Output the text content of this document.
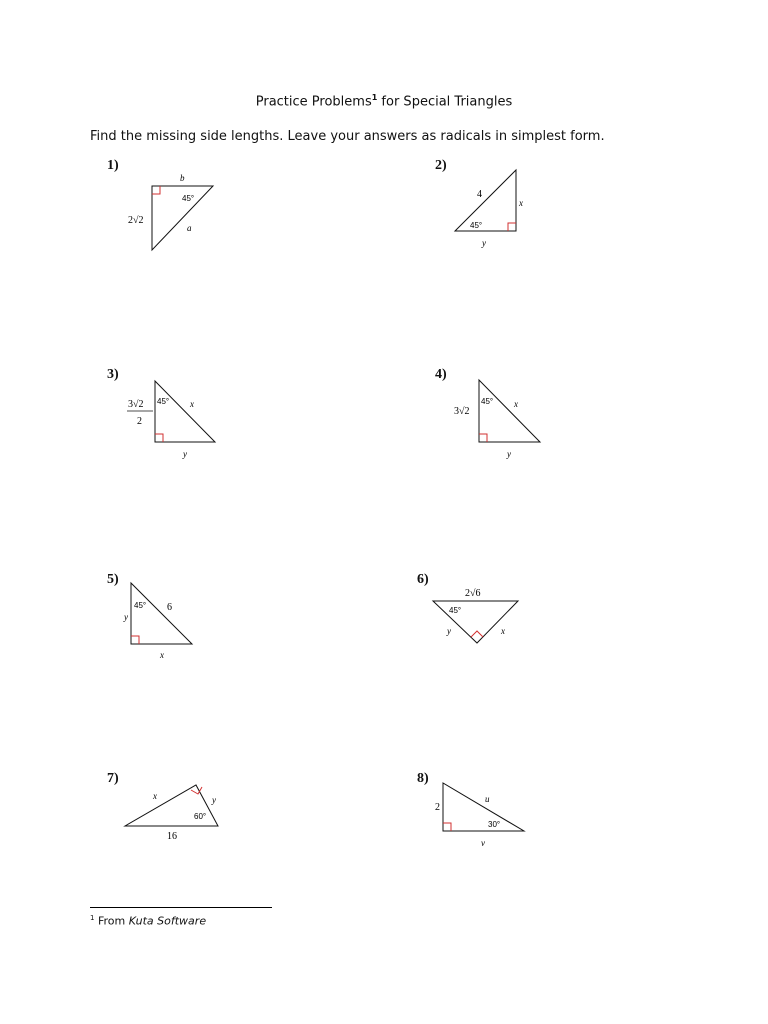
Practice Problems$^1$ for Special Triangles
Find the missing side lengths. Leave your answers as radicals in simplest form.
1)	2)
3)	4)
5)	6)
7)	8)
b
45°
2√2
a
4
45°
x
y
3√2
2
45° x
y
45°
3√2
x
y
45° 6
y
x
2√6
45°
y	x
x
60°
y
16
2
u
30°
v
$^1$ From Kuta Software
